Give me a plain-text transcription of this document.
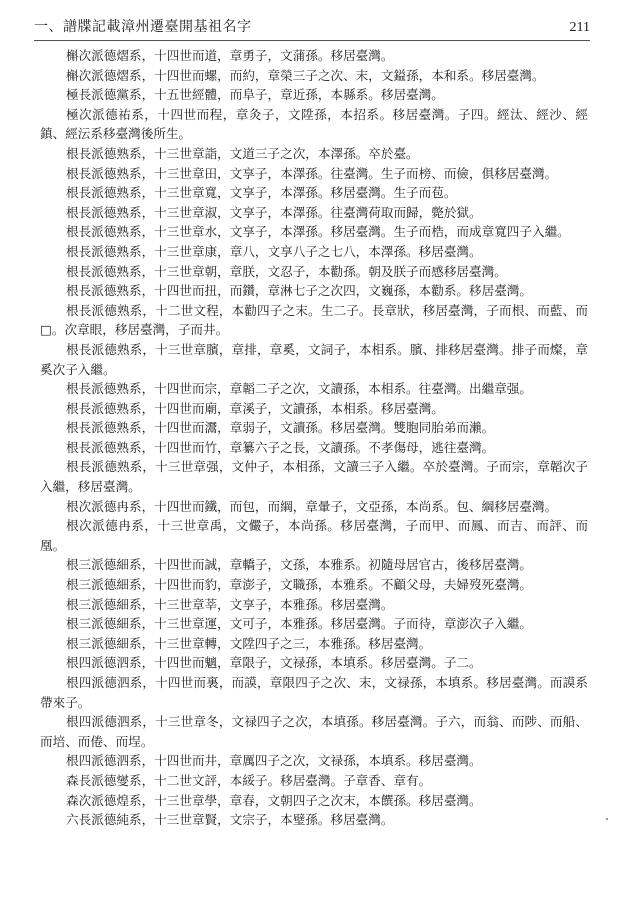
一、譜牒記載漳州遷臺開基祖名字	211

槲次派德熠系，十四世而道，章勇子，文蒲孫。移居臺灣。

槲次派德熠系，十四世而螺，而約，章榮三子之次、末，文鎰孫，本和系。移居臺灣。

極長派德黨系，十五世經體，而阜子，章近孫，本縣系。移居臺灣。

極次派德祐系，十四世而程，章灸子，文陞孫，本招系。移居臺灣。子四。經汰、經沙、經鎮、經沄系移臺灣後所生。

根長派德熟系，十三世章詣，文道三子之次，本澤孫。卒於臺。

根長派德熟系，十三世章田，文享子，本澤孫。往臺灣。生子而榜、而儉，俱移居臺灣。

根長派德熟系，十三世章寬，文享子，本澤孫。移居臺灣。生子而苞。

根長派德熟系，十三世章淑，文享子，本澤孫。往臺灣荷取而歸，斃於獄。

根長派德熟系，十三世章水，文享子，本澤孫。移居臺灣。生子而梏，而成章寬四子入繼。

根長派德熟系，十三世章康，章八，文享八子之七八，本澤孫。移居臺灣。

根長派德熟系，十三世章朝，章朕，文忍子，本勸孫。朝及朕子而感移居臺灣。

根長派德熟系，十四世而扭，而鑽，章淋七子之次四，文巍孫，本勸系。移居臺灣。

根長派德熟系，十二世文程，本勸四子之末。生二子。長章狀，移居臺灣，子而根、而藍、而□。次章眼，移居臺灣，子而井。

根長派德熟系，十三世章臏，章排，章奚，文詞子，本相系。臏、排移居臺灣。排子而燦，章奚次子入繼。

根長派德熟系，十四世而宗，章韜二子之次，文讀孫，本相系。往臺灣。出繼章强。

根長派德熟系，十四世而廟，章溪子，文讀孫，本相系。移居臺灣。

根長派德熟系，十四世而灊，章弱子，文讀孫。移居臺灣。雙胞同胎弟而瀨。

根長派德熟系，十四世而竹，章纂六子之長，文讀孫。不孝傷母，逃往臺灣。

根長派德熟系，十三世章强，文仲子，本相孫，文讀三子入繼。卒於臺灣。子而宗，章韜次子入繼，移居臺灣。

根次派德冉系，十四世而鐵，而包，而綱，章暈子，文亞孫，本尚系。包、綱移居臺灣。

根次派德冉系，十三世章禹，文儼子，本尚孫。移居臺灣，子而甲、而鳳、而吉、而評、而凰。

根三派德細系，十四世而誠，章轎子，文孫，本雅系。初隨母居官古，後移居臺灣。

根三派德細系，十四世而豹，章澎子，文職孫，本雅系。不顧父母，夫婦歿死臺灣。

根三派德細系，十三世章莘，文享子，本雅孫。移居臺灣。

根三派德細系，十三世章運，文可子，本雅孫。移居臺灣。子而待，章澎次子入繼。

根三派德細系，十三世章轉，文陞四子之三，本雅孫。移居臺灣。

根四派德泗系，十四世而魑，章限子，文禄孫，本填系。移居臺灣。子二。

根四派德泗系，十四世而裏，而謨，章限四子之次、末，文禄孫，本填系。移居臺灣。而謨系帶來子。

根四派德泗系，十三世章冬，文禄四子之次，本填孫。移居臺灣。子六，而翁、而陟、而船、而培、而倦、而埕。

根四派德泗系，十四世而井，章厲四子之次，文禄孫，本填系。移居臺灣。

森長派德燮系，十二世文評，本綏子。移居臺灣。子章香、章有。

森次派德煌系，十三世章學，章春，文朝四子之次末，本饌孫。移居臺灣。

六長派德純系，十三世章賢，文宗子，本璧孫。移居臺灣。
